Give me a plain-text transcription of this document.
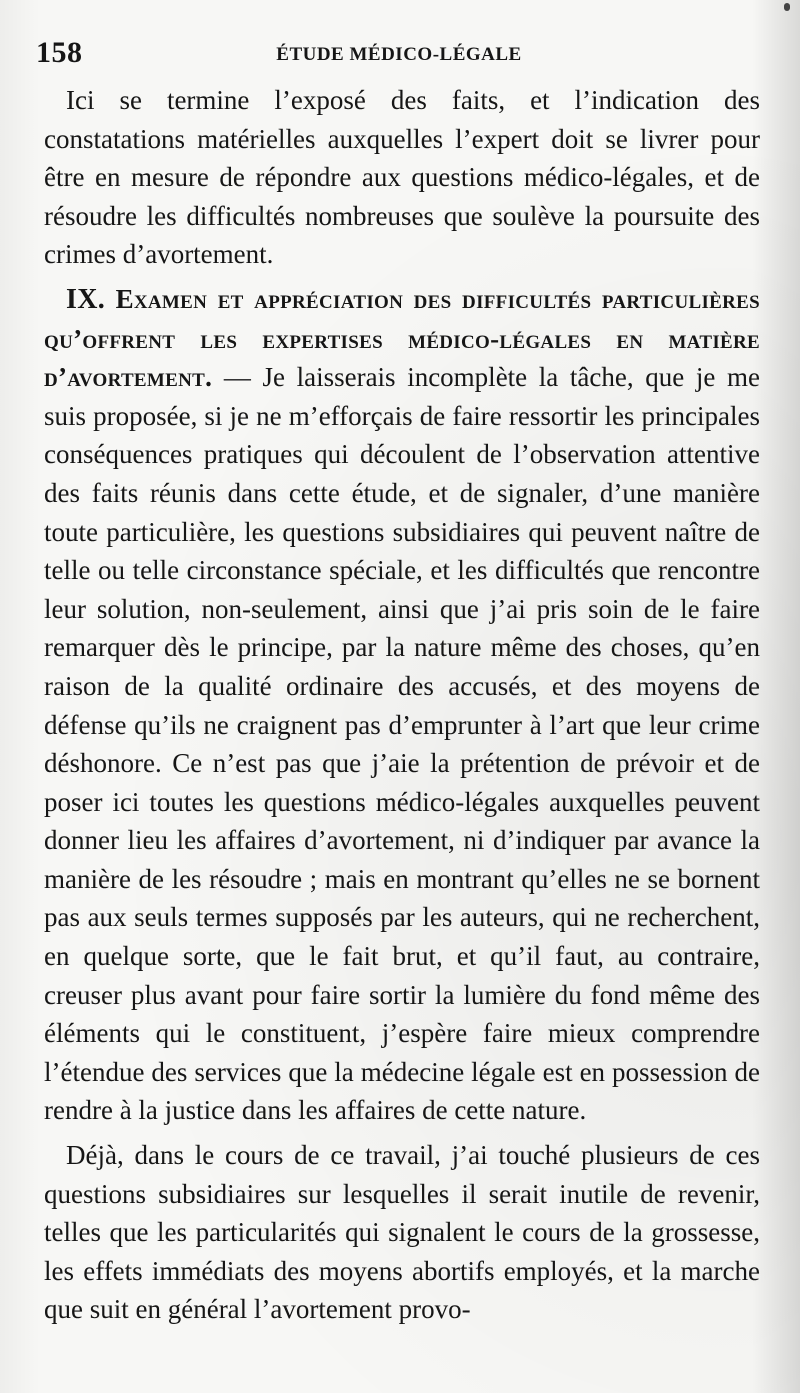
158	ÉTUDE MÉDICO-LÉGALE

Ici se termine l’exposé des faits, et l’indication des constatations matérielles auxquelles l’expert doit se livrer pour être en mesure de répondre aux questions médico-légales, et de résoudre les difficultés nombreuses que soulève la poursuite des crimes d’avortement.

IX. Examen et appréciation des difficultés particulières qu’offrent les expertises médico-légales en matière d’avortement. — Je laisserais incomplète la tâche, que je me suis proposée, si je ne m’efforçais de faire ressortir les principales conséquences pratiques qui découlent de l’observation attentive des faits réunis dans cette étude, et de signaler, d’une manière toute particulière, les questions subsidiaires qui peuvent naître de telle ou telle circonstance spéciale, et les difficultés que rencontre leur solution, non-seulement, ainsi que j’ai pris soin de le faire remarquer dès le principe, par la nature même des choses, qu’en raison de la qualité ordinaire des accusés, et des moyens de défense qu’ils ne craignent pas d’emprunter à l’art que leur crime déshonore. Ce n’est pas que j’aie la prétention de prévoir et de poser ici toutes les questions médico-légales auxquelles peuvent donner lieu les affaires d’avortement, ni d’indiquer par avance la manière de les résoudre ; mais en montrant qu’elles ne se bornent pas aux seuls termes supposés par les auteurs, qui ne recherchent, en quelque sorte, que le fait brut, et qu’il faut, au contraire, creuser plus avant pour faire sortir la lumière du fond même des éléments qui le constituent, j’espère faire mieux comprendre l’étendue des services que la médecine légale est en possession de rendre à la justice dans les affaires de cette nature.

Déjà, dans le cours de ce travail, j’ai touché plusieurs de ces questions subsidiaires sur lesquelles il serait inutile de revenir, telles que les particularités qui signalent le cours de la grossesse, les effets immédiats des moyens abortifs employés, et la marche que suit en général l’avortement provo-
